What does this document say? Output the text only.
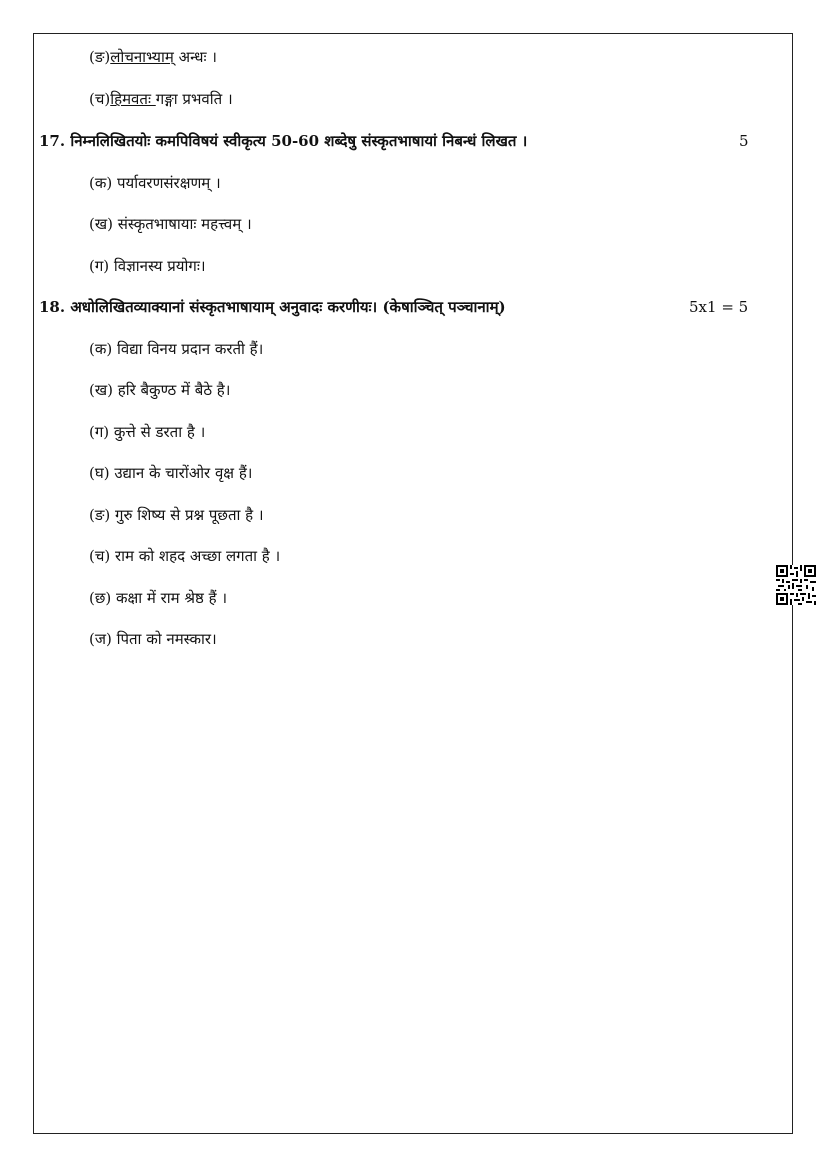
(ङ)लोचनाभ्याम् अन्धः ।
(च)हिमवतः गङ्गा प्रभवति ।
17. निम्नलिखितयोः कमपिविषयं स्वीकृत्य 50-60 शब्देषु संस्कृतभाषायां निबन्धं लिखत ।	5
(क) पर्यावरणसंरक्षणम् ।
(ख) संस्कृतभाषायाः महत्त्वम् ।
(ग) विज्ञानस्य प्रयोगः।
18. अधोलिखितव्याक्यानां संस्कृतभाषायाम् अनुवादः करणीयः। (केषाञ्चित् पञ्चानाम्)	5x1 = 5
(क) विद्या विनय प्रदान करती हैं।
(ख) हरि बैकुण्ठ में बैठे है।
(ग) कुत्ते से डरता है ।
(घ) उद्यान के चारोंओर वृक्ष हैं।
(ङ) गुरु शिष्य से प्रश्न पूछता है ।
(च) राम को शहद अच्छा लगता है ।
(छ) कक्षा में राम श्रेष्ठ हैं ।
(ज) पिता को नमस्कार।
